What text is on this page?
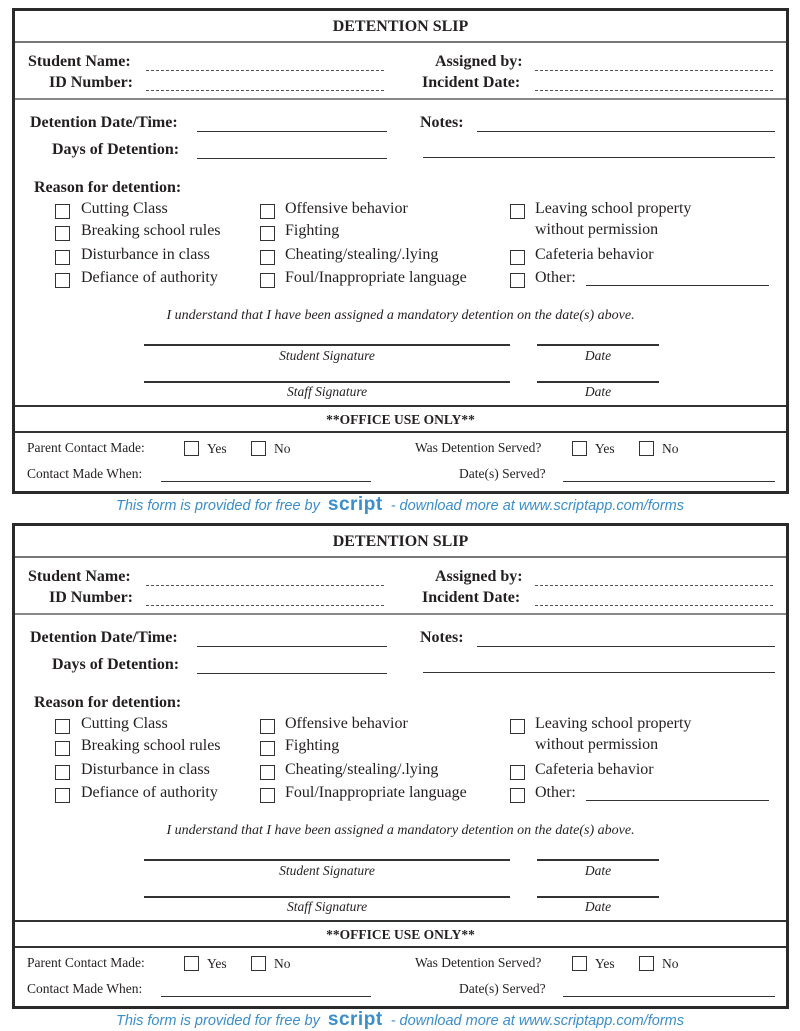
DETENTION SLIP
Student Name:
ID Number:
Assigned by:
Incident Date:
Detention Date/Time:
Days of Detention:
Notes:
Reason for detention:
Cutting Class
Breaking school rules
Disturbance in class
Defiance of authority
Offensive behavior
Fighting
Cheating/stealing/.lying
Foul/Inappropriate language
Leaving school property
without permission
Cafeteria behavior
Other:
I understand that I have been assigned a mandatory detention on the date(s) above.
Student Signature	Date
Staff Signature	Date
**OFFICE USE ONLY**
Parent Contact Made:	Yes	No	Was Detention Served?	Yes	No
Contact Made When:	Date(s) Served?
DETENTION SLIP
Student Name:
ID Number:
Assigned by:
Incident Date:
Detention Date/Time:
Days of Detention:
Notes:
Reason for detention:
Cutting Class
Breaking school rules
Disturbance in class
Defiance of authority
Offensive behavior
Fighting
Cheating/stealing/.lying
Foul/Inappropriate language
Leaving school property
without permission
Cafeteria behavior
Other:
I understand that I have been assigned a mandatory detention on the date(s) above.
Student Signature	Date
Staff Signature	Date
**OFFICE USE ONLY**
Parent Contact Made:	Yes	No	Was Detention Served?	Yes	No
Contact Made When:	Date(s) Served?
This form is provided for free by script - download more at www.scriptapp.com/forms
This form is provided for free by script - download more at www.scriptapp.com/forms
